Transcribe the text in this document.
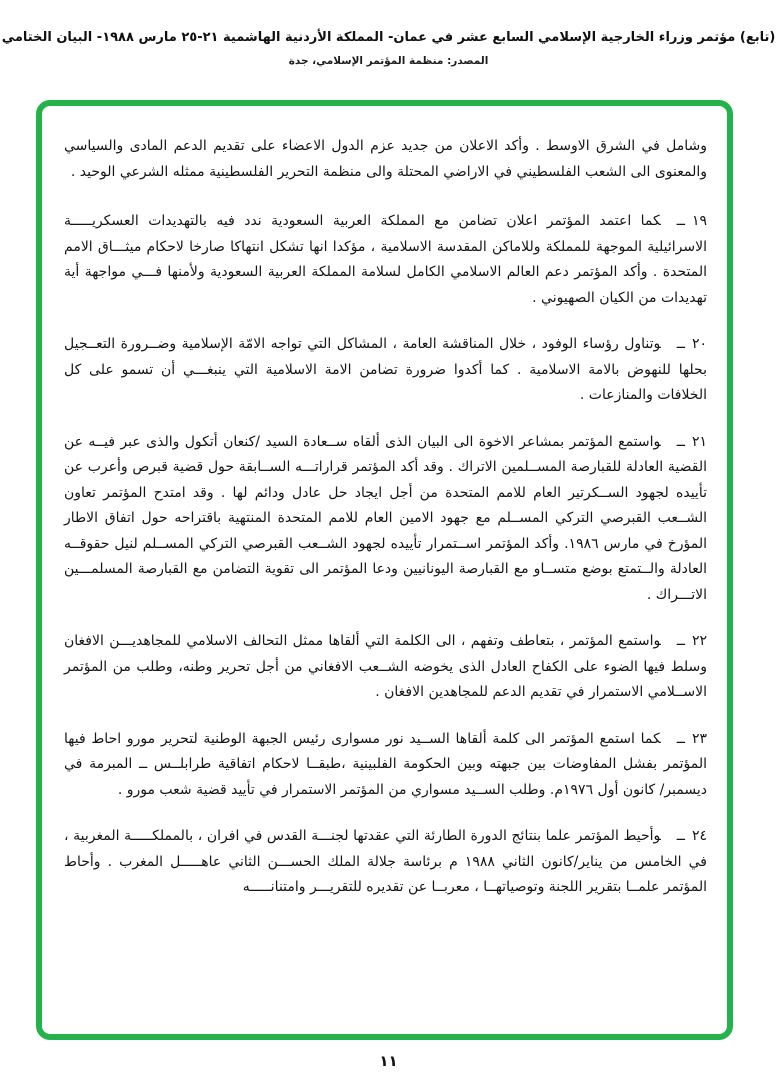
(تابع) مؤتمر وزراء الخارجية الإسلامي السابع عشر في عمان- المملكة الأردنية الهاشمية ٢١-٢٥ مارس ١٩٨٨- البيان الختامي
المصدر: منظمة المؤتمر الإسلامي، جدة

وشامل في الشرق الاوسط . وأكد الاعلان من جديد عزم الدول الاعضاء على تقديم الدعم المادى والسياسي والمعنوى الى الشعب الفلسطيني في الاراضي المحتلة والى منظمة التحرير الفلسطينية ممثله الشرعي الوحيد .

١٩ــكما اعتمد المؤتمر اعلان تضامن مع المملكة العربية السعودية ندد فيه بالتهديدات العسكريـــــة الاسرائيلية الموجهة للمملكة وللاماكن المقدسة الاسلامية ، مؤكدا انها تشكل انتهاكا صارخا لاحكام ميثـــاق الامم المتحدة . وأكد المؤتمر دعم العالم الاسلامي الكامل لسلامة المملكة العربية السعودية ولأمنها فـــي مواجهة أية تهديدات من الكيان الصهيوني .

٢٠ــوتناول رؤساء الوفود ، خلال المناقشة العامة ، المشاكل التي تواجه الامّة الإسلامية وضــرورة التعــجيل بحلها للنهوض بالامة الاسلامية . كما أكدوا ضرورة تضامن الامة الاسلامية التي ينبغـــي أن تسمو على كل الخلافات والمنازعات .

٢١ــواستمع المؤتمر بمشاعر الاخوة الى البيان الذى ألقاه ســعادة السيد /كنعان أتكول والذى عبر فيــه عن القضية العادلة للقبارصة المســلمين الاتراك . وقد أكد المؤتمر قراراتـــه الســابقة حول قضية قبرص وأعرب عن تأييده لجهود الســكرتير العام للامم المتحدة من أجل ايجاد حل عادل ودائم لها . وقد امتدح المؤتمر تعاون الشــعب القبرصي التركي المســلم مع جهود الامين العام للامم المتحدة المنتهية باقتراحه حول اتفاق الاطار المؤرخ في مارس ١٩٨٦. وأكد المؤتمر اســتمرار تأييده لجهود الشــعب القبرصي التركي المســلم لنيل حقوقــه العادلة والــتمتع بوضع متســاو مع القبارصة اليونانيين ودعا المؤتمر الى تقوية التضامن مع القبارصة المسلمـــين الاتـــراك .

٢٢ــواستمع المؤتمر ، بتعاطف وتفهم ، الى الكلمة التي ألقاها ممثل التحالف الاسلامي للمجاهديـــن الافغان وسلط فيها الضوء على الكفاح العادل الذى يخوضه الشــعب الافغاني من أجل تحرير وطنه، وطلب من المؤتمر الاســلامي الاستمرار في تقديم الدعم للمجاهدين الافغان .

٢٣ــكما استمع المؤتمر الى كلمة ألقاها الســيد نور مسوارى رئيس الجبهة الوطنية لتحرير مورو احاط فيها المؤتمر بفشل المفاوضات بين جبهته وبين الحكومة الفلبينية ،طبقــا لاحكام اتفاقية طرابلــس ــ المبرمة في ديسمبر/ كانون أول ١٩٧٦م. وطلب الســيد مسواري من المؤتمر الاستمرار في تأييد قضية شعب مورو .

٢٤ــوأحيط المؤتمر علما بنتائج الدورة الطارئة التي عقدتها لجنـــة القدس في افران ، بالمملكـــــة المغربية ، في الخامس من يناير/كانون الثاني ١٩٨٨ م برئاسة جلالة الملك الحســـن الثاني عاهـــــل المغرب . وأحاط المؤتمر علمــا بتقرير اللجنة وتوصياتهــا ، معربــا عن تقديره للتقريـــر وامتنانـــــه

١١
